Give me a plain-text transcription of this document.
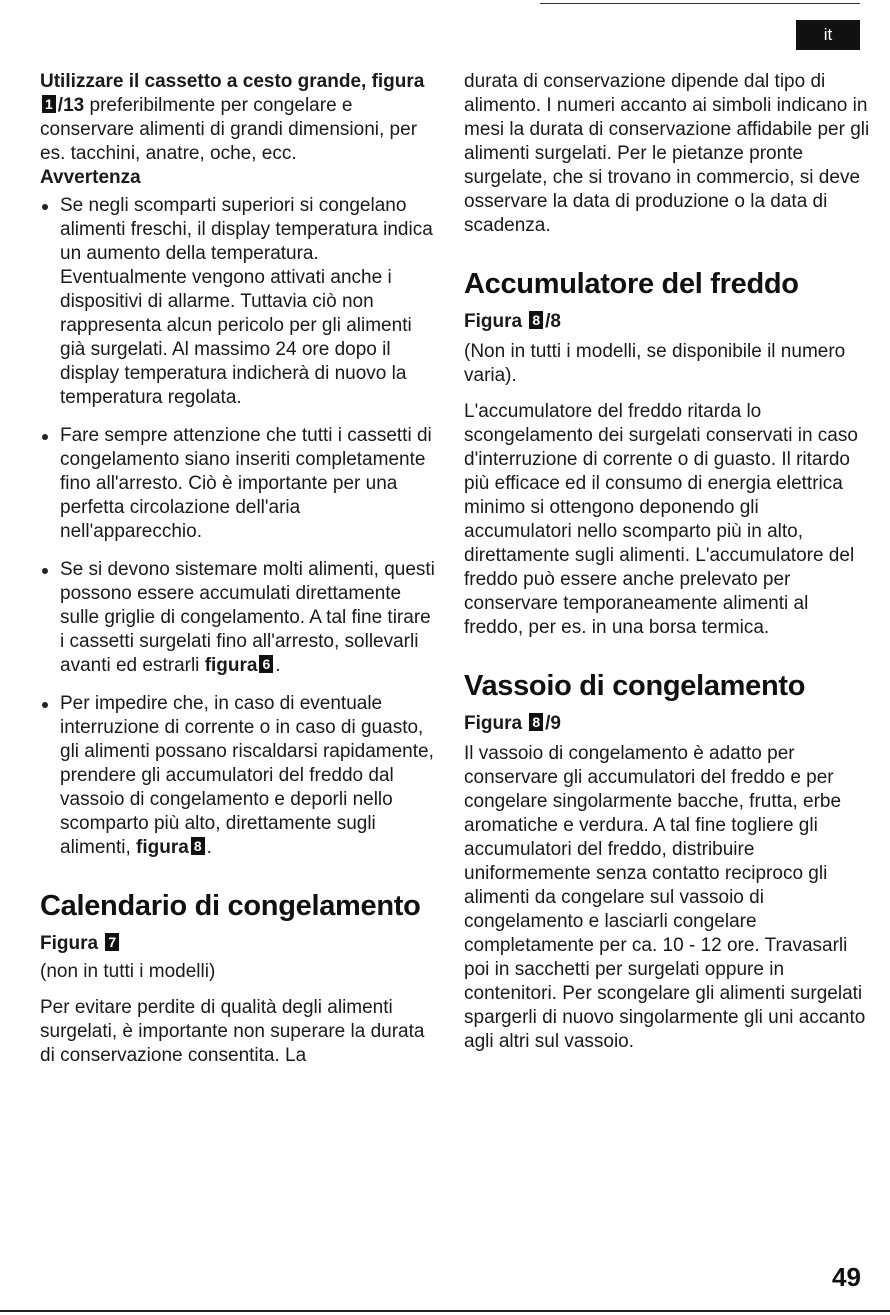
it

Utilizzare il cassetto a cesto grande, figura1 /13 preferibilmente per congelare e conservare alimenti di grandi dimensioni, per es. tacchini, anatre, oche, ecc.

Avvertenza

Se negli scomparti superiori si congelano alimenti freschi, il display temperatura indica un aumento della temperatura. Eventualmente vengono attivati anche i dispositivi di allarme. Tuttavia ciò non rappresenta alcun pericolo per gli alimenti già surgelati. Al massimo 24 ore dopo il display temperatura indicherà di nuovo la temperatura regolata.
Fare sempre attenzione che tutti i cassetti di congelamento siano inseriti completamente fino all'arresto. Ciò è importante per una perfetta circolazione dell'aria nell'apparecchio.
Se si devono sistemare molti alimenti, questi possono essere accumulati direttamente sulle griglie di congelamento. A tal fine tirare i cassetti surgelati fino all'arresto, sollevarli avanti ed estrarli figura 6 .
Per impedire che, in caso di eventuale interruzione di corrente o in caso di guasto, gli alimenti possano riscaldarsi rapidamente, prendere gli accumulatori del freddo dal vassoio di congelamento e deporli nello scomparto più alto, direttamente sugli alimenti, figura 8 .
Calendario di congelamento

Figura 7

(non in tutti i modelli)

Per evitare perdite di qualità degli alimenti surgelati, è importante non superare la durata di conservazione consentita. La

durata di conservazione dipende dal tipo di alimento. I numeri accanto ai simboli indicano in mesi la durata di conservazione affidabile per gli alimenti surgelati. Per le pietanze pronte surgelate, che si trovano in commercio, si deve osservare la data di produzione o la data di scadenza.

Accumulatore del freddo

Figura 8 /8

(Non in tutti i modelli, se disponibile il numero varia).

L'accumulatore del freddo ritarda lo scongelamento dei surgelati conservati in caso d'interruzione di corrente o di guasto. Il ritardo più efficace ed il consumo di energia elettrica minimo si ottengono deponendo gli accumulatori nello scomparto più in alto, direttamente sugli alimenti. L'accumulatore del freddo può essere anche prelevato per conservare temporaneamente alimenti al freddo, per es. in una borsa termica.

Vassoio di congelamento

Figura 8 /9

Il vassoio di congelamento è adatto per conservare gli accumulatori del freddo e per congelare singolarmente bacche, frutta, erbe aromatiche e verdura. A tal fine togliere gli accumulatori del freddo, distribuire uniformemente senza contatto reciproco gli alimenti da congelare sul vassoio di congelamento e lasciarli congelare completamente per ca. 10 - 12 ore. Travasarli poi in sacchetti per surgelati oppure in contenitori. Per scongelare gli alimenti surgelati spargerli di nuovo singolarmente gli uni accanto agli altri sul vassoio.

49
